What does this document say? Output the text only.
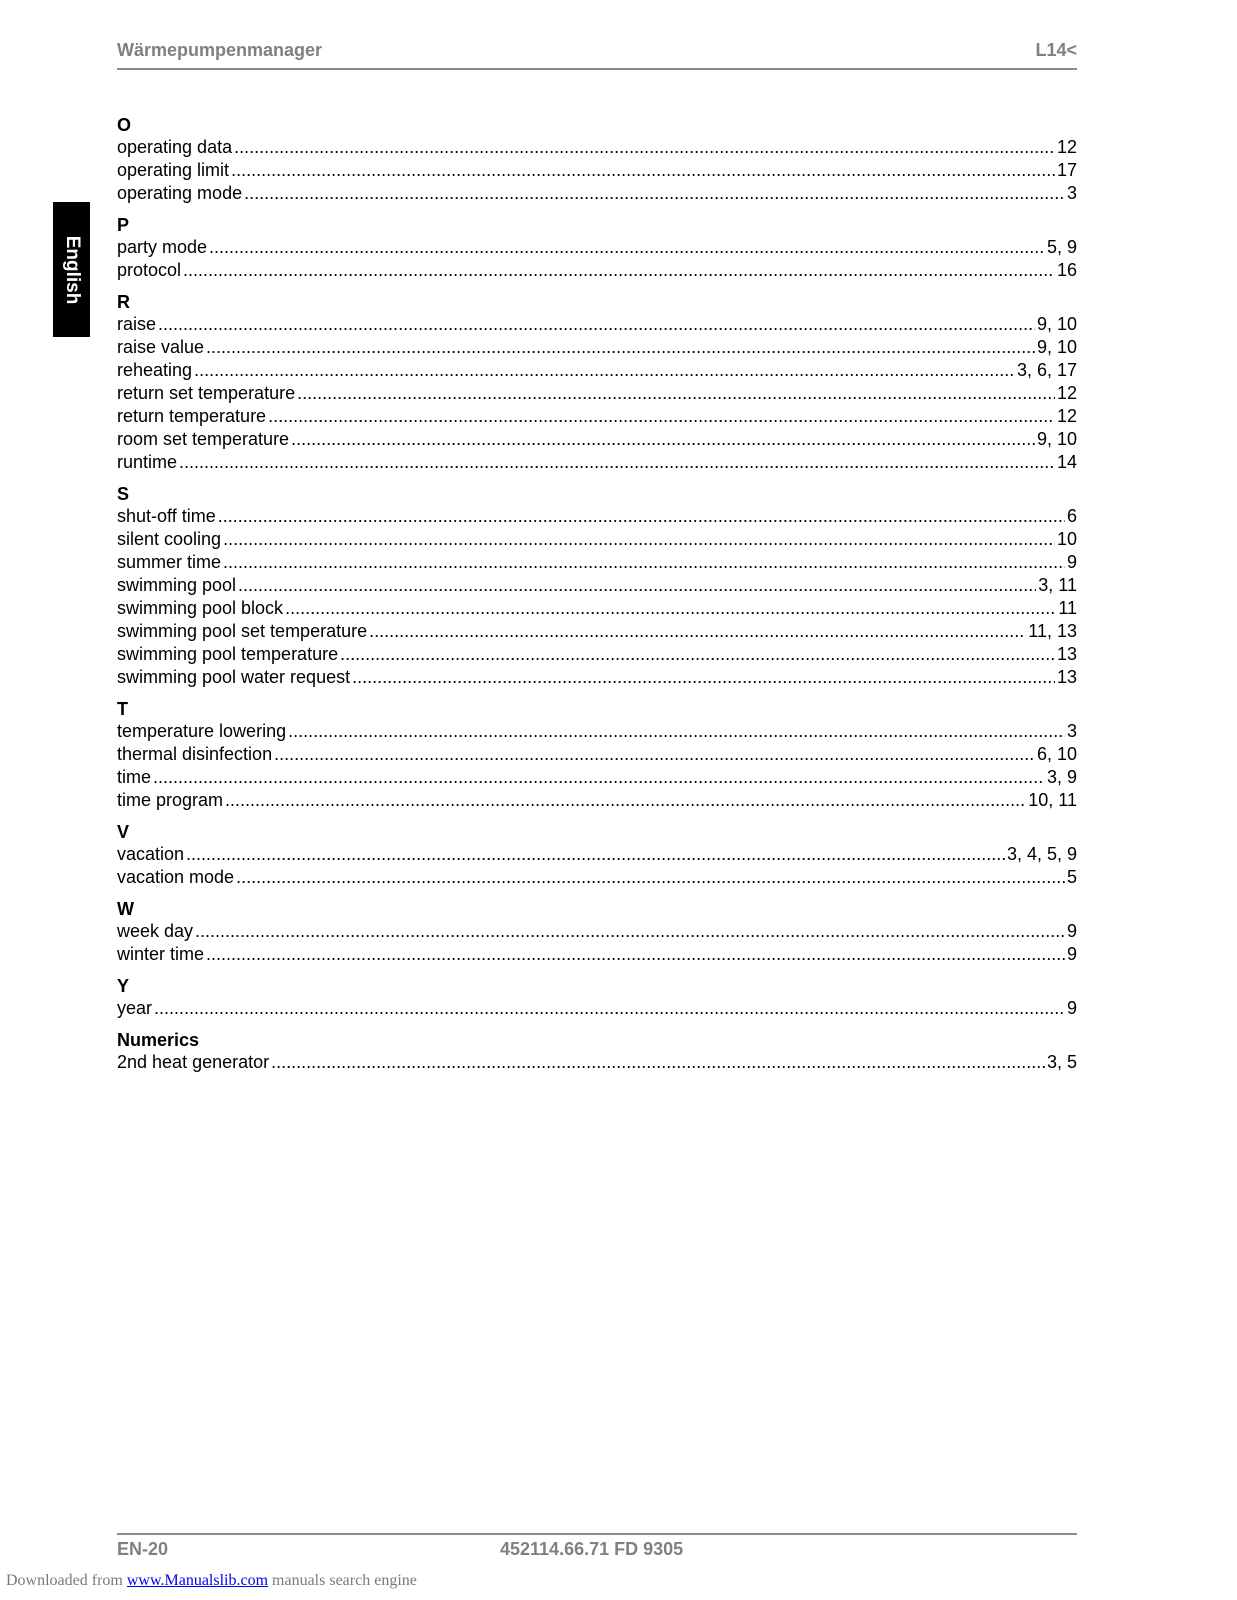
Wärmepumpenmanager	L14<
English
O
operating data .....	12
operating limit .....	17
operating mode .....	3
P
party mode .....	5, 9
protocol .....	16
R
raise .....	9, 10
raise value .....	9, 10
reheating .....	3, 6, 17
return set temperature .....	12
return temperature .....	12
room set temperature .....	9, 10
runtime .....	14
S
shut-off time .....	6
silent cooling .....	10
summer time .....	9
swimming pool .....	3, 11
swimming pool block .....	11
swimming pool set temperature .....	11, 13
swimming pool temperature .....	13
swimming pool water request .....	13
T
temperature lowering .....	3
thermal disinfection .....	6, 10
time .....	3, 9
time program .....	10, 11
V
vacation .....	3, 4, 5, 9
vacation mode .....	5
W
week day .....	9
winter time .....	9
Y
year .....	9
Numerics
2nd heat generator .....	3, 5
EN-20	452114.66.71 FD 9305
Downloaded from www.Manualslib.com manuals search engine
